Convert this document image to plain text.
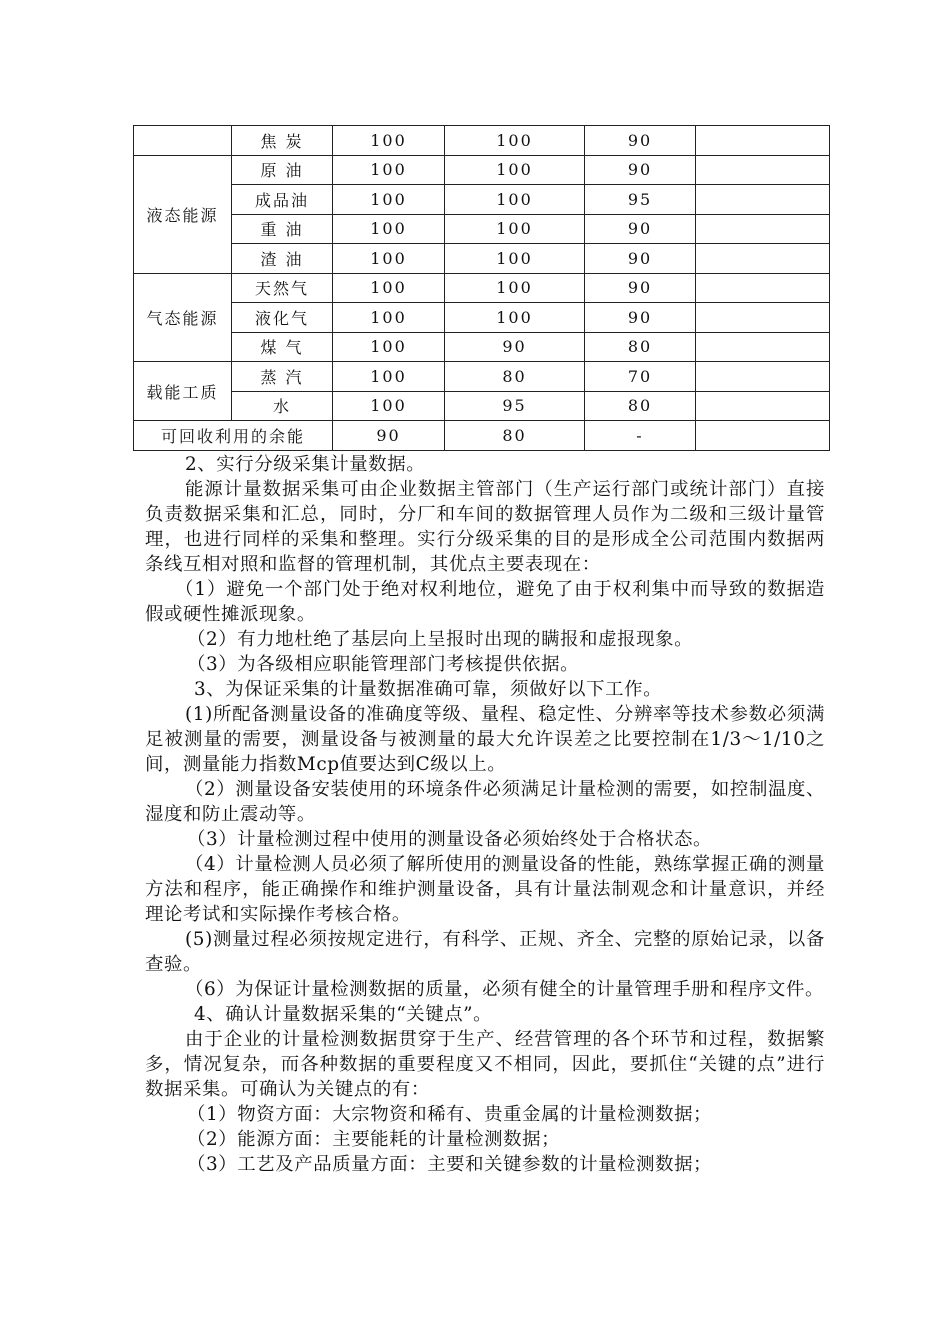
	焦 炭	100	100	90	
液态能源	原 油	100	100	90	
	成品油	100	100	95	
	重 油	100	100	90	
	渣 油	100	100	90	
气态能源	天然气	100	100	90	
	液化气	100	100	90	
	煤 气	100	90	80	
载能工质	蒸 汽	100	80	70	
	水	100	95	80	
可回收利用的余能		90	80	-	

2、实行分级采集计量数据。

能源计量数据采集可由企业数据主管部门（生产运行部门或统计部门）直接负责数据采集和汇总，同时，分厂和车间的数据管理人员作为二级和三级计量管理，也进行同样的采集和整理。实行分级采集的目的是形成全公司范围内数据两条线互相对照和监督的管理机制，其优点主要表现在：

（1）避免一个部门处于绝对权利地位，避免了由于权利集中而导致的数据造假或硬性摊派现象。

（2）有力地杜绝了基层向上呈报时出现的瞒报和虚报现象。

（3）为各级相应职能管理部门考核提供依据。

3、为保证采集的计量数据准确可靠，须做好以下工作。

(1)所配备测量设备的准确度等级、量程、稳定性、分辨率等技术参数必须满足被测量的需要，测量设备与被测量的最大允许误差之比要控制在1/3～1/10之间，测量能力指数Mcp值要达到C级以上。

（2）测量设备安装使用的环境条件必须满足计量检测的需要，如控制温度、湿度和防止震动等。

（3）计量检测过程中使用的测量设备必须始终处于合格状态。

（4）计量检测人员必须了解所使用的测量设备的性能，熟练掌握正确的测量方法和程序，能正确操作和维护测量设备，具有计量法制观念和计量意识，并经理论考试和实际操作考核合格。

(5)测量过程必须按规定进行，有科学、正规、齐全、完整的原始记录，以备查验。

（6）为保证计量检测数据的质量，必须有健全的计量管理手册和程序文件。

4、确认计量数据采集的“关键点”。

由于企业的计量检测数据贯穿于生产、经营管理的各个环节和过程，数据繁多，情况复杂，而各种数据的重要程度又不相同，因此，要抓住“关键的点”进行数据采集。可确认为关键点的有：

（1）物资方面：大宗物资和稀有、贵重金属的计量检测数据；

（2）能源方面：主要能耗的计量检测数据；

（3）工艺及产品质量方面：主要和关键参数的计量检测数据；
